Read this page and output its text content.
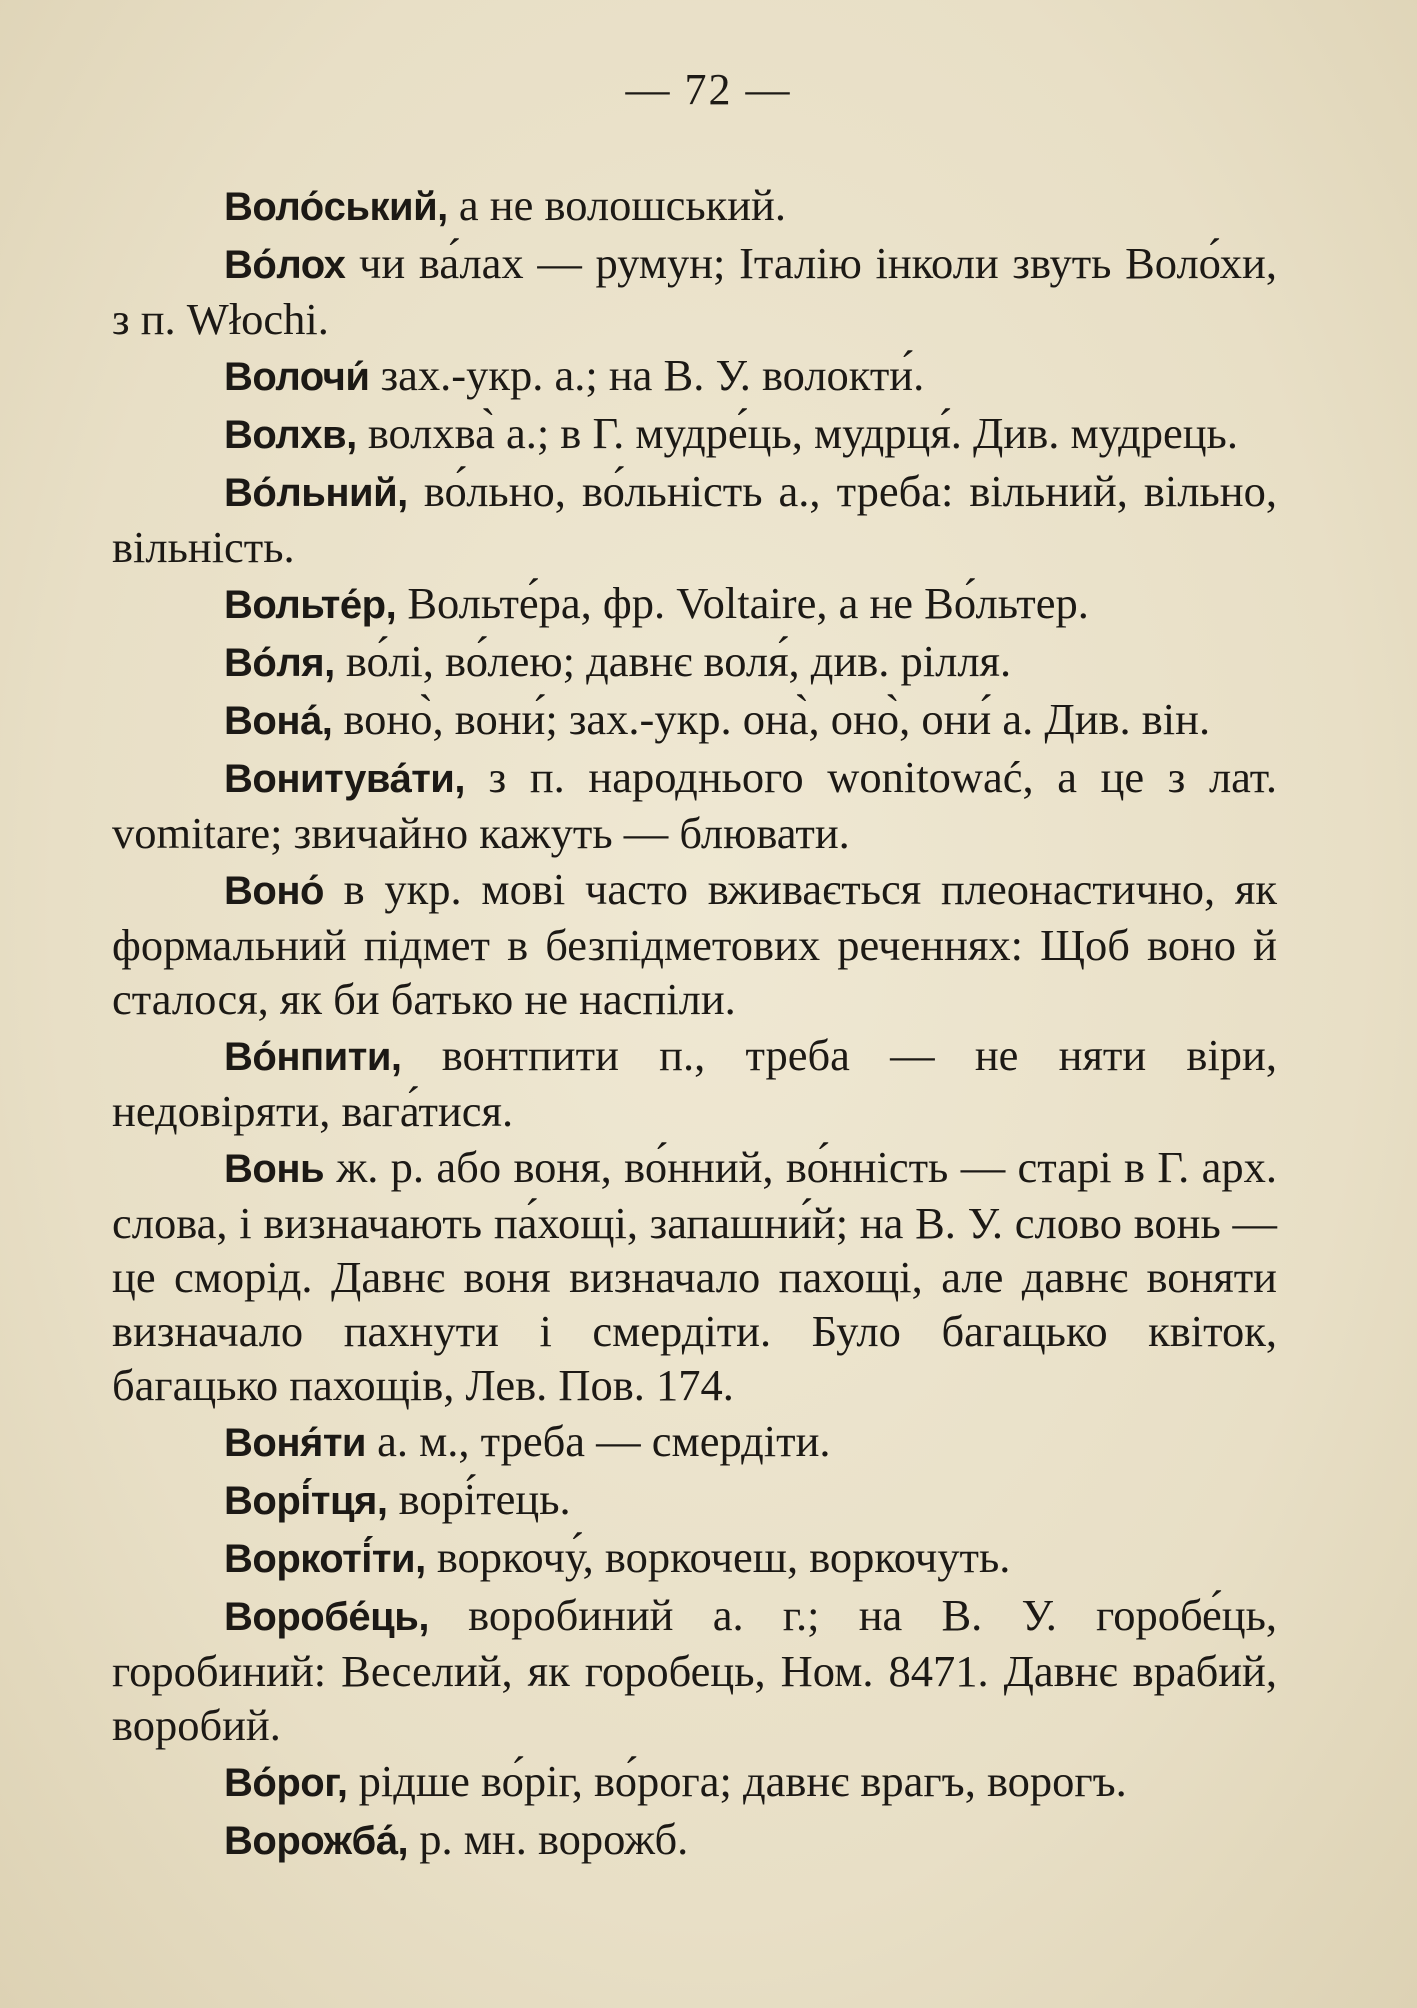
— 72 —

Воло́ський, а не волошський.

Во́лох чи ва́лах — румун; Італію інколи звуть Воло́хи, з п. Włochi.

Волочи́ зах.-укр. а.; на В. У. волокти́.

Волхв, волхва̀ а.; в Г. мудре́ць, мудрця́. Див. мудрець.

Во́льний, во́льно, во́льність а., треба: вільний, вільно, вільність.

Вольте́р, Вольте́ра, фр. Voltaire, а не Во́льтер.

Во́ля, во́лі, во́лею; давнє воля́, див. рілля.

Вона́, воно̀, вони́; зах.-укр. она̀, оно̀, они́ а. Див. він.

Вонитува́ти, з п. народнього wonitować, а це з лат. vomitare; звичайно кажуть — блювати.

Воно́ в укр. мові часто вживається плеонастично, як формальний підмет в безпідметових реченнях: Щоб воно й сталося, як би батько не наспіли.

Во́нпити, вонтпити п., треба — не няти віри, недовіряти, вага́тися.

Вонь ж. р. або воня, во́нний, во́нність — старі в Г. арх. слова, і визначають па́хощі, запашни́й; на В. У. слово вонь — це сморід. Давнє воня визначало пахощі, але давнє воняти визначало пахнути і смердіти. Було багацько квіток, багацько пахощів, Лев. Пов. 174.

Воня́ти а. м., треба — смердіти.

Ворі́тця, ворі́тець.

Воркоті́ти, воркочу́, воркочеш, воркочуть.

Воробе́ць, воробиний а. г.; на В. У. горобе́ць, горобиний: Веселий, як горобець, Ном. 8471. Давнє врабий, воробий.

Во́рог, рідше во́ріг, во́рога; давнє врагъ, ворогъ.

Ворожба́, р. мн. ворожб.
